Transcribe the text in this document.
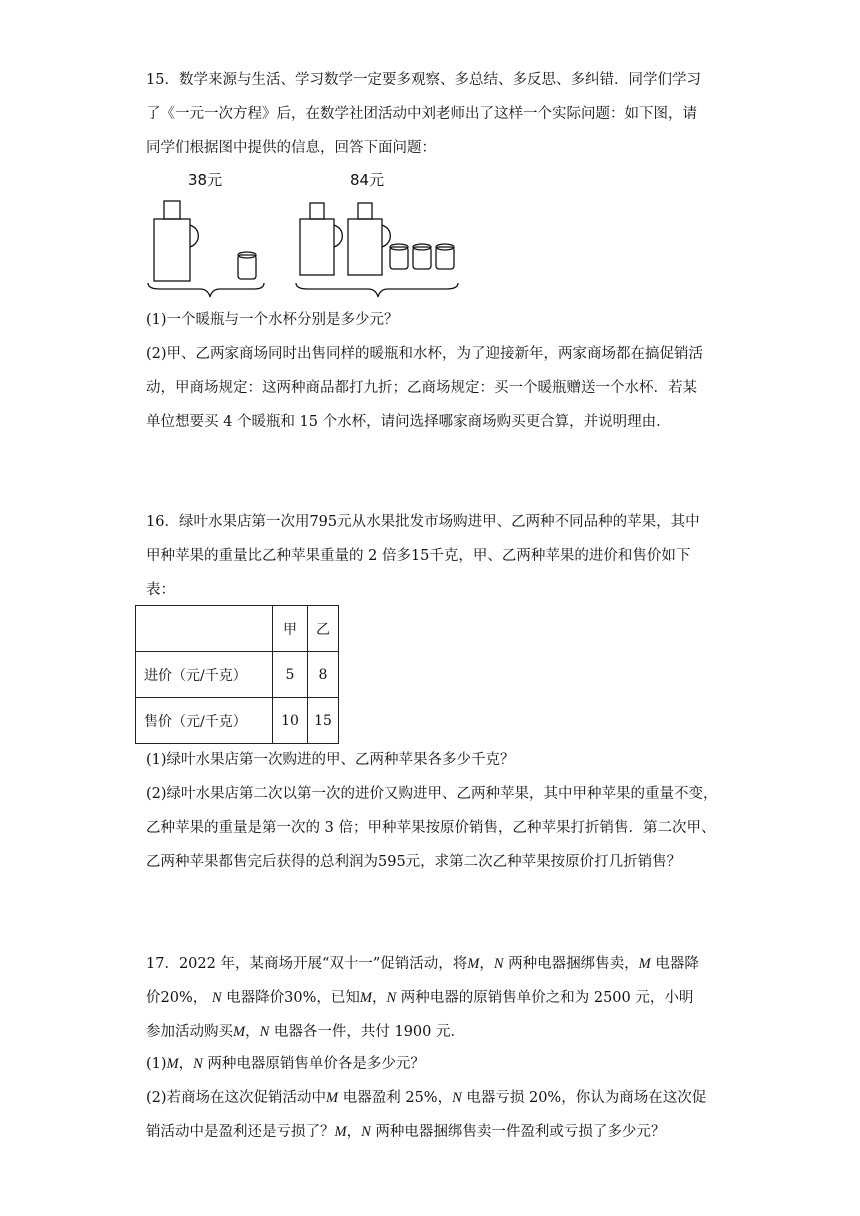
15．数学来源与生活、学习数学一定要多观察、多总结、多反思、多纠错．同学们学习
了《一元一次方程》后，在数学社团活动中刘老师出了这样一个实际问题：如下图，请
同学们根据图中提供的信息，回答下面问题：
38元	84元
(1)一个暖瓶与一个水杯分别是多少元？
(2)甲、乙两家商场同时出售同样的暖瓶和水杯，为了迎接新年，两家商场都在搞促销活
动，甲商场规定：这两种商品都打九折；乙商场规定：买一个暖瓶赠送一个水杯．若某
单位想要买 4 个暖瓶和 15 个水杯，请问选择哪家商场购买更合算，并说明理由．
16．绿叶水果店第一次用795元从水果批发市场购进甲、乙两种不同品种的苹果，其中
甲种苹果的重量比乙种苹果重量的 2 倍多15千克，甲、乙两种苹果的进价和售价如下
表：
	甲	乙
进价（元/千克）	5	8
售价（元/千克）	10	15
(1)绿叶水果店第一次购进的甲、乙两种苹果各多少千克？
(2)绿叶水果店第二次以第一次的进价又购进甲、乙两种苹果，其中甲种苹果的重量不变，
乙种苹果的重量是第一次的 3 倍；甲种苹果按原价销售，乙种苹果打折销售．第二次甲、
乙两种苹果都售完后获得的总利润为595元，求第二次乙种苹果按原价打几折销售？
17．2022 年，某商场开展“双十一”促销活动，将M，N 两种电器捆绑售卖，M 电器降
价20%， N 电器降价30%，已知M，N 两种电器的原销售单价之和为 2500 元，小明
参加活动购买M，N 电器各一件，共付 1900 元．
(1)M，N 两种电器原销售单价各是多少元？
(2)若商场在这次促销活动中M 电器盈利 25%，N 电器亏损 20%，你认为商场在这次促
销活动中是盈利还是亏损了？M，N 两种电器捆绑售卖一件盈利或亏损了多少元？
